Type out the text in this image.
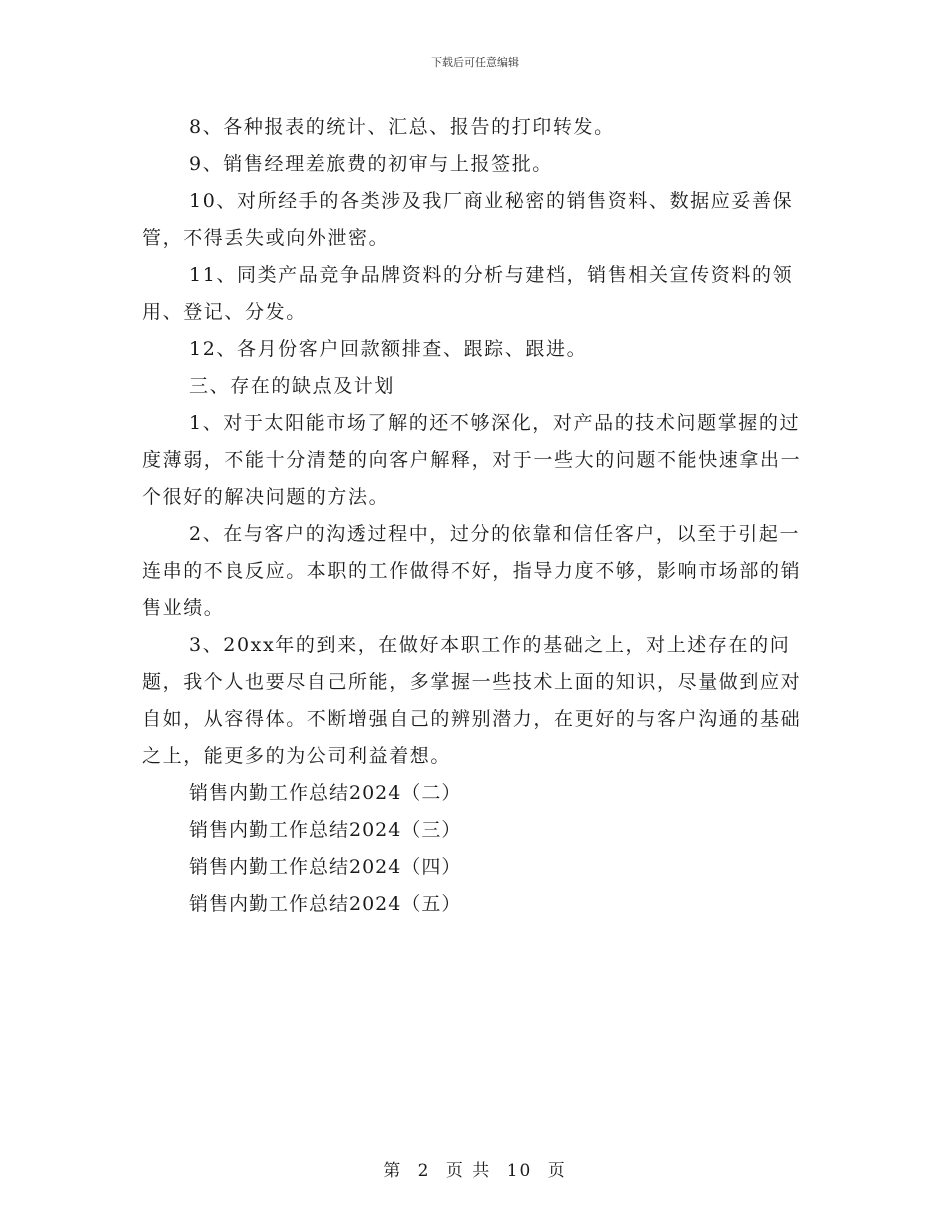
下载后可任意编辑

8、各种报表的统计、汇总、报告的打印转发。

9、销售经理差旅费的初审与上报签批。

10、对所经手的各类涉及我厂商业秘密的销售资料、数据应妥善保管，不得丢失或向外泄密。

11、同类产品竞争品牌资料的分析与建档，销售相关宣传资料的领用、登记、分发。

12、各月份客户回款额排查、跟踪、跟进。

三、存在的缺点及计划

1、对于太阳能市场了解的还不够深化，对产品的技术问题掌握的过度薄弱，不能十分清楚的向客户解释，对于一些大的问题不能快速拿出一个很好的解决问题的方法。

2、在与客户的沟透过程中，过分的依靠和信任客户，以至于引起一连串的不良反应。本职的工作做得不好，指导力度不够，影响市场部的销售业绩。

3、20xx年的到来，在做好本职工作的基础之上，对上述存在的问题，我个人也要尽自己所能，多掌握一些技术上面的知识，尽量做到应对自如，从容得体。不断增强自己的辨别潜力，在更好的与客户沟通的基础之上，能更多的为公司利益着想。

销售内勤工作总结2024（二）

销售内勤工作总结2024（三）

销售内勤工作总结2024（四）

销售内勤工作总结2024（五）

第 2 页 共 10 页
